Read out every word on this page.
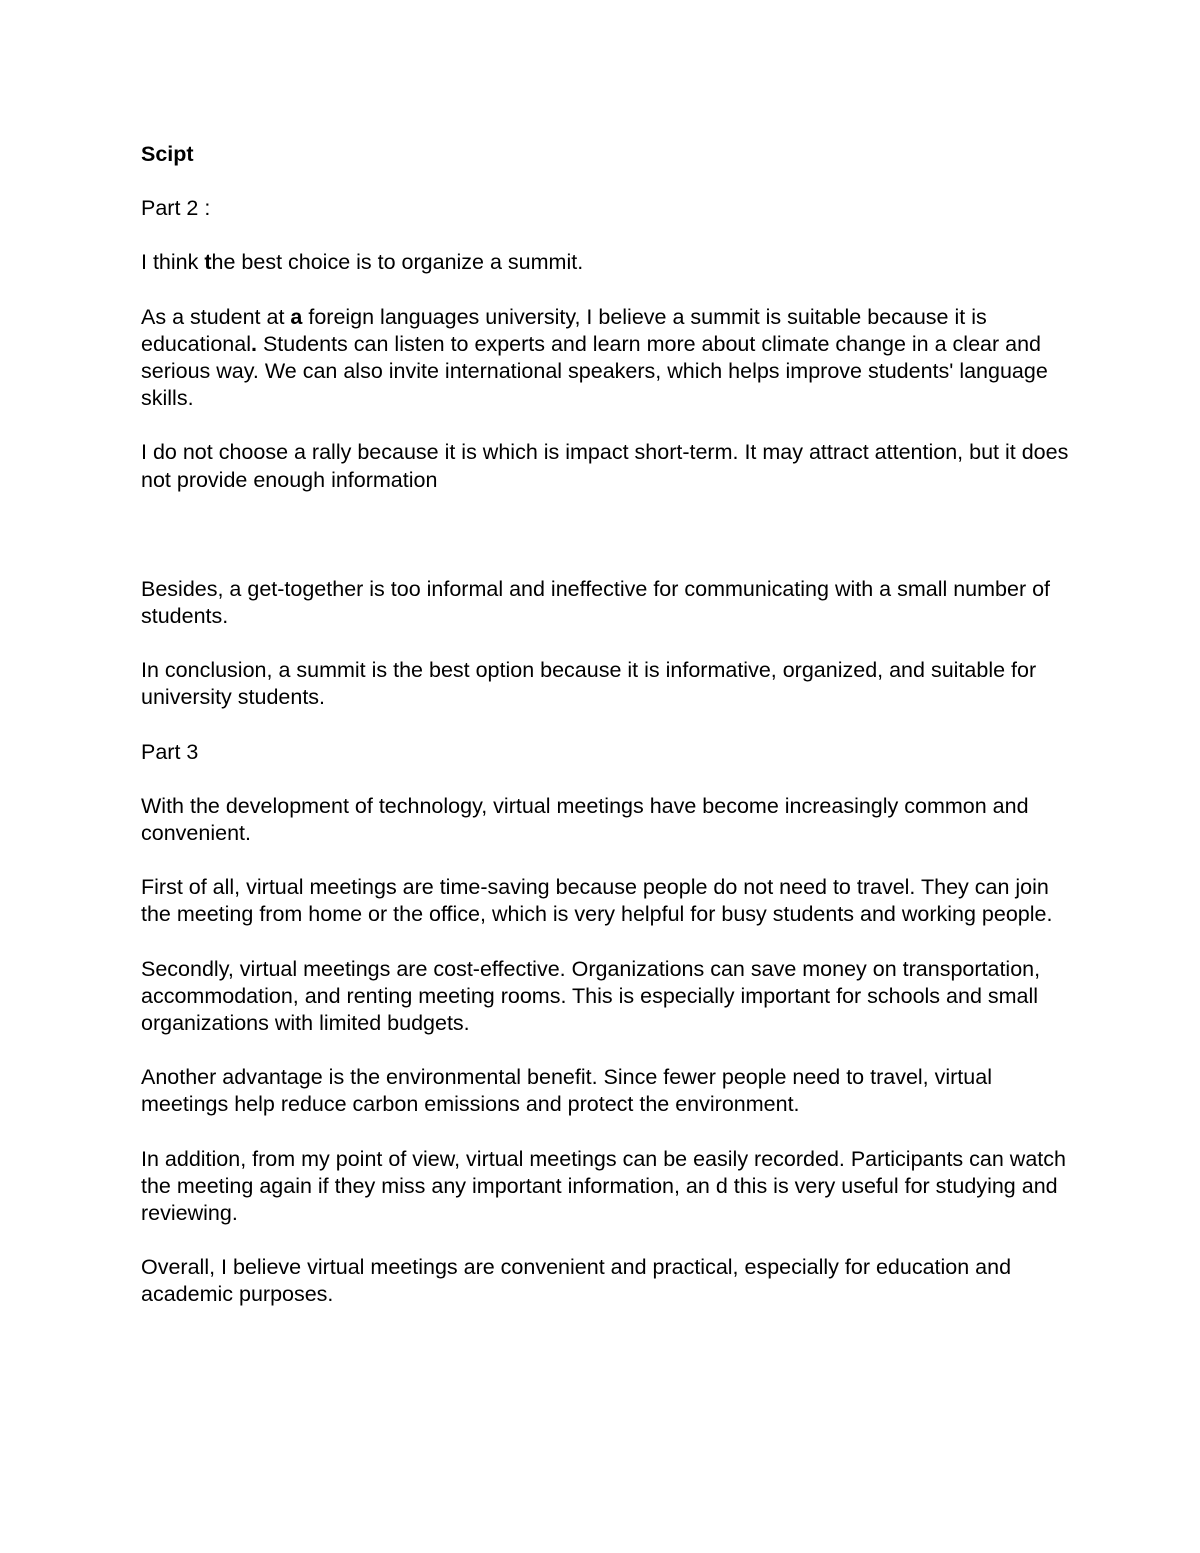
Scipt

Part 2 :

I think the best choice is to organize a summit.

As a student at a foreign languages university, I believe a summit is suitable because it is educational. Students can listen to experts and learn more about climate change in a clear and serious way. We can also invite international speakers, which helps improve students' language skills.

I do not choose a rally because it is which is impact short-term. It may attract attention, but it does not provide enough information

Besides, a get-together is too informal and ineffective for communicating with a small number of students.

In conclusion, a summit is the best option because it is informative, organized, and suitable for university students.

Part 3

With the development of technology, virtual meetings have become increasingly common and convenient.

First of all, virtual meetings are time-saving because people do not need to travel. They can join the meeting from home or the office, which is very helpful for busy students and working people.

Secondly, virtual meetings are cost-effective. Organizations can save money on transportation, accommodation, and renting meeting rooms. This is especially important for schools and small organizations with limited budgets.

Another advantage is the environmental benefit. Since fewer people need to travel, virtual meetings help reduce carbon emissions and protect the environment.

In addition, from my point of view, virtual meetings can be easily recorded. Participants can watch the meeting again if they miss any important information, an d this is very useful for studying and reviewing.

Overall, I believe virtual meetings are convenient and practical, especially for education and academic purposes.
